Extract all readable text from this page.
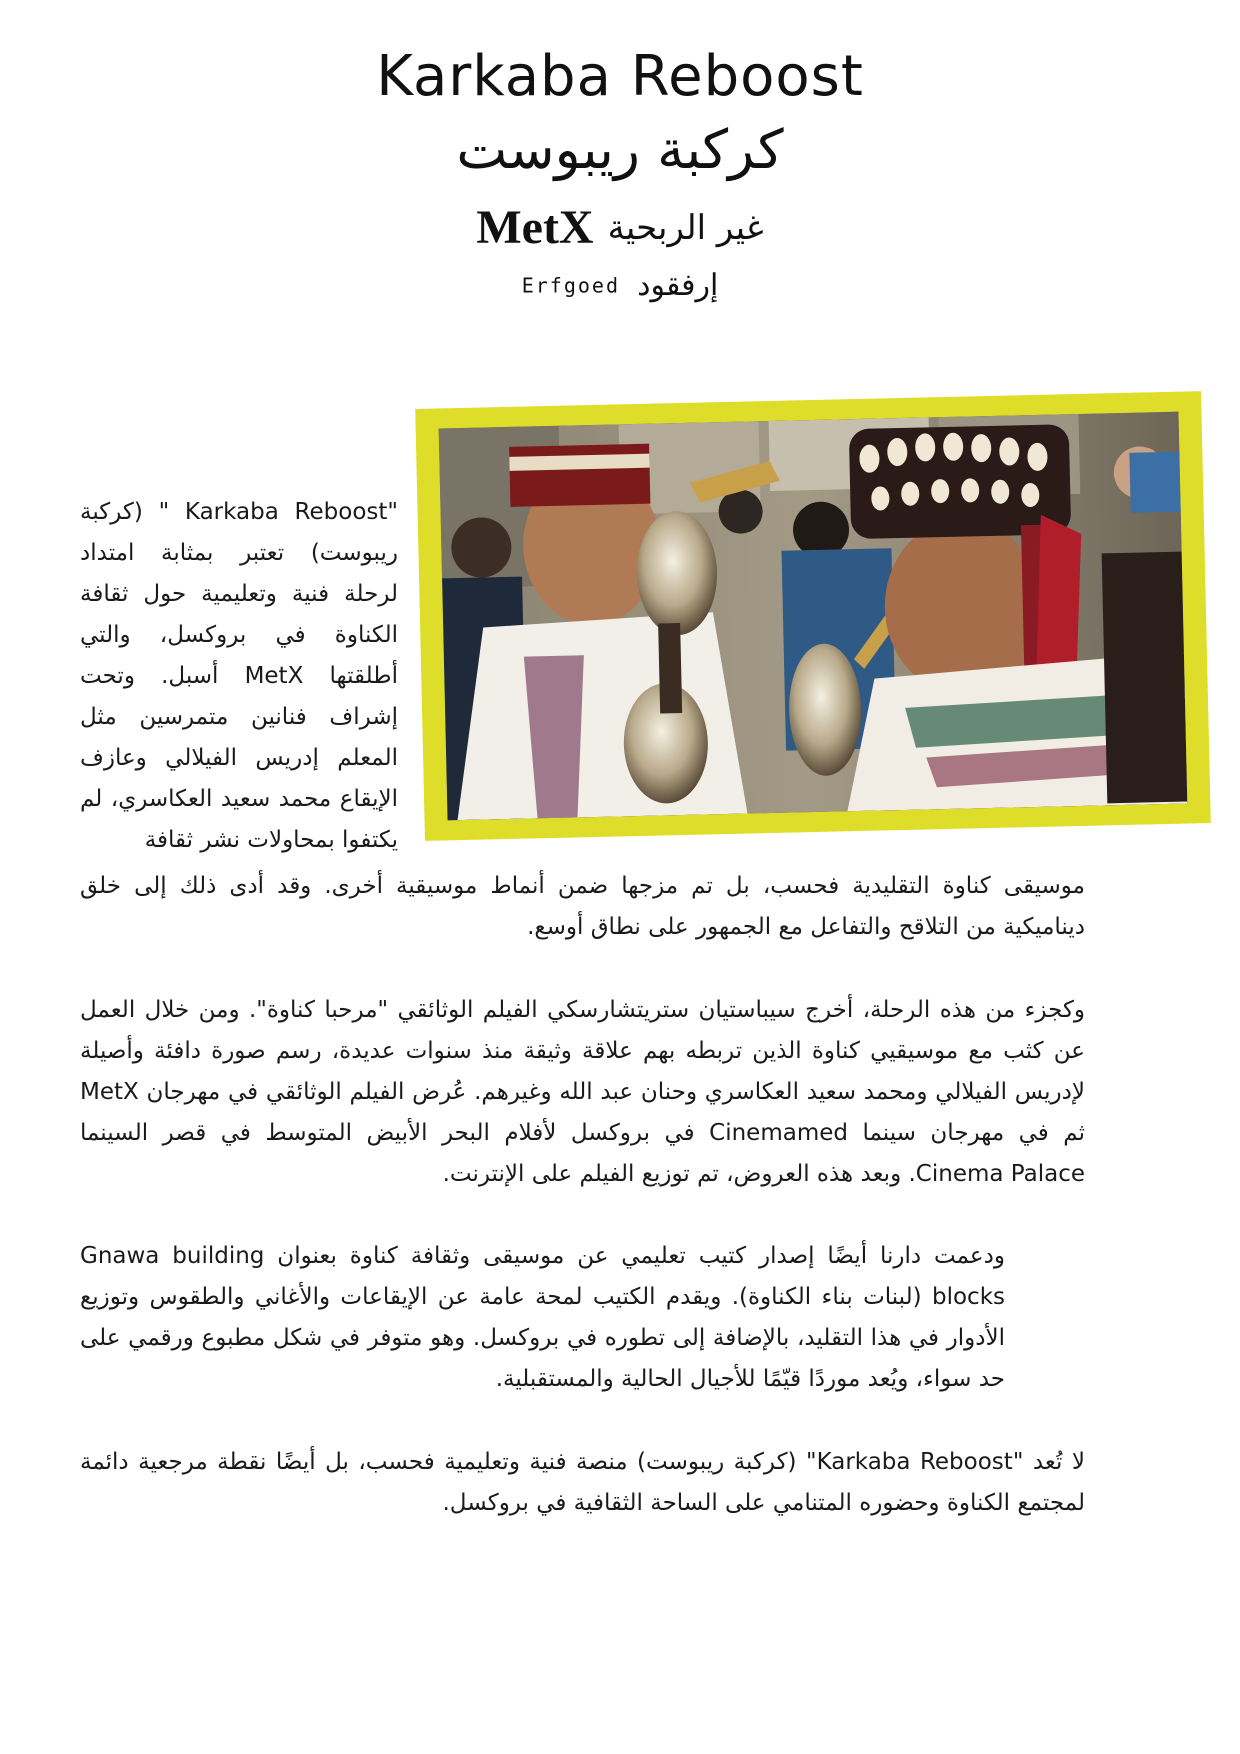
Karkaba Reboost
كركبة ريبوست
MetX غير الربحية
Erfgoed إرفقود

"Karkaba Reboost " (كركبة ريبوست) تعتبر بمثابة امتداد لرحلة فنية وتعليمية حول ثقافة الكناوة في بروكسل، والتي أطلقتها MetX أسبل. وتحت إشراف فنانين متمرسين مثل المعلم إدريس الفيلالي وعازف الإيقاع محمد سعيد العكاسري، لم يكتفوا بمحاولات نشر ثقافة

موسيقى كناوة التقليدية فحسب، بل تم مزجها ضمن أنماط موسيقية أخرى. وقد أدى ذلك إلى خلق ديناميكية من التلاقح والتفاعل مع الجمهور على نطاق أوسع.

وكجزء من هذه الرحلة، أخرج سيباستيان ستريتشارسكي الفيلم الوثائقي "مرحبا كناوة". ومن خلال العمل عن كثب مع موسيقيي كناوة الذين تربطه بهم علاقة وثيقة منذ سنوات عديدة، رسم صورة دافئة وأصيلة لإدريس الفيلالي ومحمد سعيد العكاسري وحنان عبد الله وغيرهم. عُرض الفيلم الوثائقي في مهرجان MetX ثم في مهرجان سينما Cinemamed في بروكسل لأفلام البحر الأبيض المتوسط في قصر السينما Cinema Palace. وبعد هذه العروض، تم توزيع الفيلم على الإنترنت.

ودعمت دارنا أيضًا إصدار كتيب تعليمي عن موسيقى وثقافة كناوة بعنوان Gnawa building blocks (لبنات بناء الكناوة). ويقدم الكتيب لمحة عامة عن الإيقاعات والأغاني والطقوس وتوزيع الأدوار في هذا التقليد، بالإضافة إلى تطوره في بروكسل. وهو متوفر في شكل مطبوع ورقمي على حد سواء، ويُعد موردًا قيّمًا للأجيال الحالية والمستقبلية.

لا تُعد "Karkaba Reboost" (كركبة ريبوست) منصة فنية وتعليمية فحسب، بل أيضًا نقطة مرجعية دائمة لمجتمع الكناوة وحضوره المتنامي على الساحة الثقافية في بروكسل.
